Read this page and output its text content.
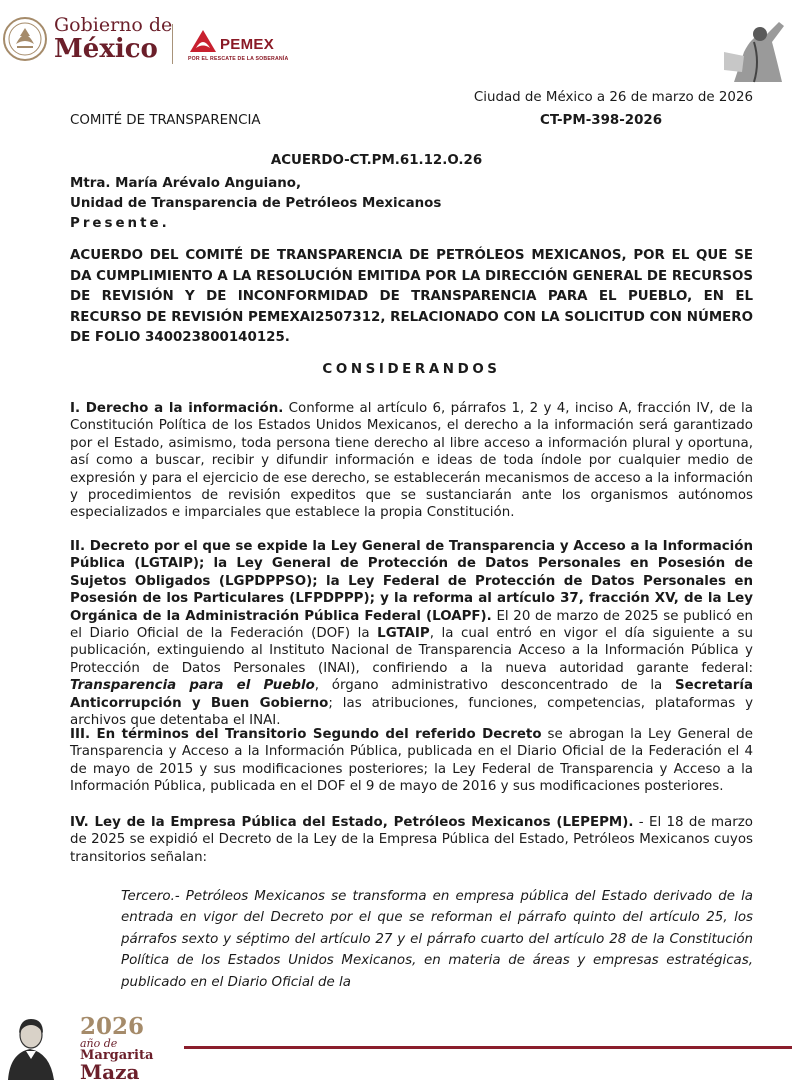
Gobierno de
México	PEMEX
POR EL RESCATE DE LA SOBERANÍA
Ciudad de México a 26 de marzo de 2026
COMITÉ DE TRANSPARENCIA	CT-PM-398-2026
ACUERDO-CT.PM.61.12.O.26
Mtra. María Arévalo Anguiano,
Unidad de Transparencia de Petróleos Mexicanos
Presente.
ACUERDO DEL COMITÉ DE TRANSPARENCIA DE PETRÓLEOS MEXICANOS, POR EL QUE SE DA CUMPLIMIENTO A LA RESOLUCIÓN EMITIDA POR LA DIRECCIÓN GENERAL DE RECURSOS DE REVISIÓN Y DE INCONFORMIDAD DE TRANSPARENCIA PARA EL PUEBLO, EN EL RECURSO DE REVISIÓN PEMEXAI2507312, RELACIONADO CON LA SOLICITUD CON NÚMERO DE FOLIO 340023800140125.
CONSIDERANDOS

I. Derecho a la información. Conforme al artículo 6, párrafos 1, 2 y 4, inciso A, fracción IV, de la Constitución Política de los Estados Unidos Mexicanos, el derecho a la información será garantizado por el Estado, asimismo, toda persona tiene derecho al libre acceso a información plural y oportuna, así como a buscar, recibir y difundir información e ideas de toda índole por cualquier medio de expresión y para el ejercicio de ese derecho, se establecerán mecanismos de acceso a la información y procedimientos de revisión expeditos que se sustanciarán ante los organismos autónomos especializados e imparciales que establece la propia Constitución.

II. Decreto por el que se expide la Ley General de Transparencia y Acceso a la Información Pública (LGTAIP); la Ley General de Protección de Datos Personales en Posesión de Sujetos Obligados (LGPDPPSO); la Ley Federal de Protección de Datos Personales en Posesión de los Particulares (LFPDPPP); y la reforma al artículo 37, fracción XV, de la Ley Orgánica de la Administración Pública Federal (LOAPF). El 20 de marzo de 2025 se publicó en el Diario Oficial de la Federación (DOF) la LGTAIP, la cual entró en vigor el día siguiente a su publicación, extinguiendo al Instituto Nacional de Transparencia Acceso a la Información Pública y Protección de Datos Personales (INAI), confiriendo a la nueva autoridad garante federal: Transparencia para el Pueblo, órgano administrativo desconcentrado de la Secretaría Anticorrupción y Buen Gobierno; las atribuciones, funciones, competencias, plataformas y archivos que detentaba el INAI.

III. En términos del Transitorio Segundo del referido Decreto se abrogan la Ley General de Transparencia y Acceso a la Información Pública, publicada en el Diario Oficial de la Federación el 4 de mayo de 2015 y sus modificaciones posteriores; la Ley Federal de Transparencia y Acceso a la Información Pública, publicada en el DOF el 9 de mayo de 2016 y sus modificaciones posteriores.

IV. Ley de la Empresa Pública del Estado, Petróleos Mexicanos (LEPEPM). - El 18 de marzo de 2025 se expidió el Decreto de la Ley de la Empresa Pública del Estado, Petróleos Mexicanos cuyos transitorios señalan:

Tercero.- Petróleos Mexicanos se transforma en empresa pública del Estado derivado de la entrada en vigor del Decreto por el que se reforman el párrafo quinto del artículo 25, los párrafos sexto y séptimo del artículo 27 y el párrafo cuarto del artículo 28 de la Constitución Política de los Estados Unidos Mexicanos, en materia de áreas y empresas estratégicas, publicado en el Diario Oficial de la
2026
año de
Margarita
Maza
